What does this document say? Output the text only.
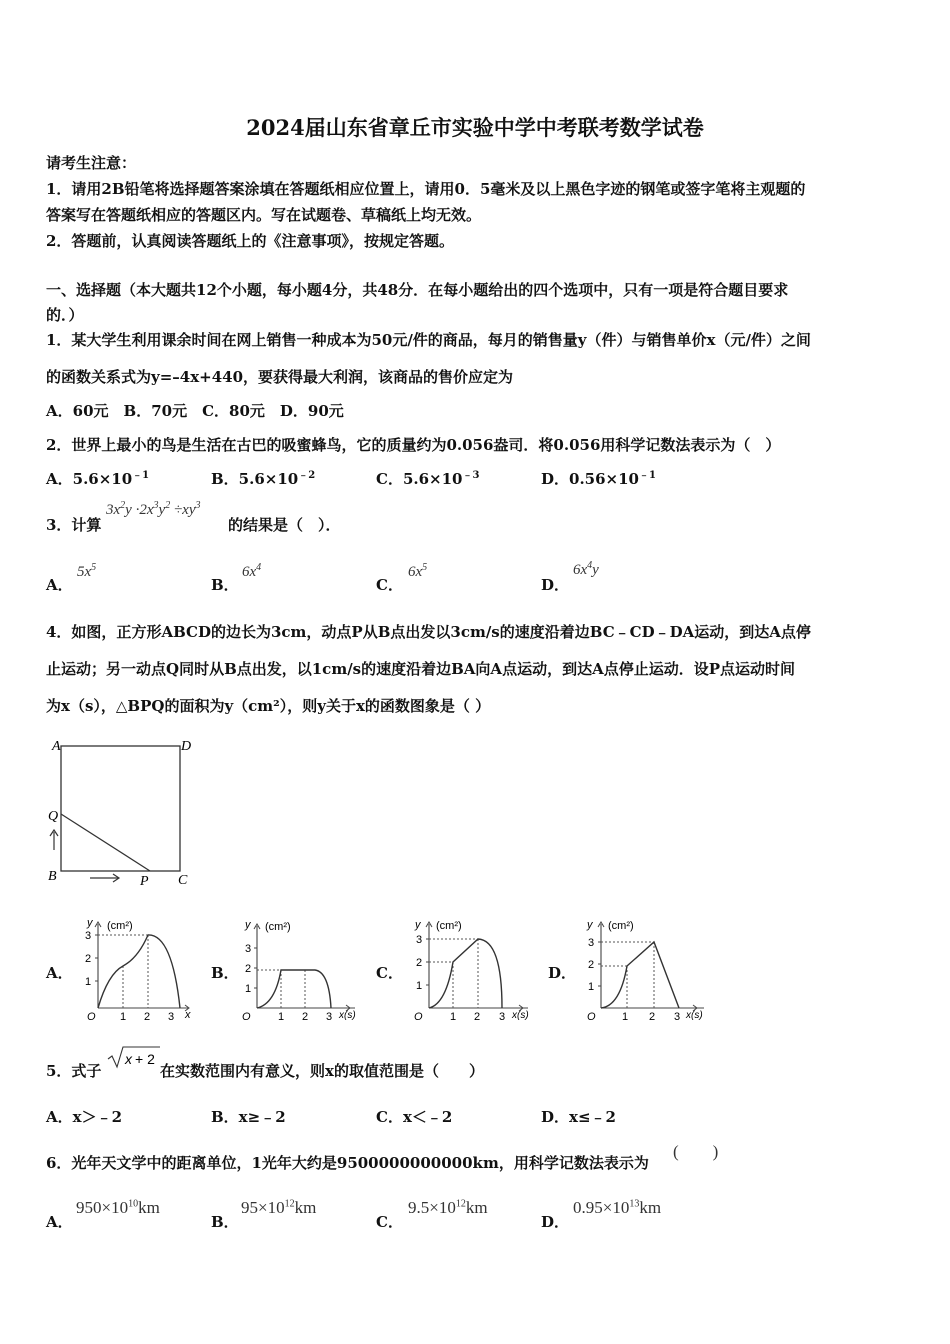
2024届山东省章丘市实验中学中考联考数学试卷
请考生注意：
1．请用2B铅笔将选择题答案涂填在答题纸相应位置上，请用0．5毫米及以上黑色字迹的钢笔或签字笔将主观题的
答案写在答题纸相应的答题区内。写在试题卷、草稿纸上均无效。
2．答题前，认真阅读答题纸上的《注意事项》，按规定答题。
一、选择题（本大题共12个小题，每小题4分，共48分．在每小题给出的四个选项中，只有一项是符合题目要求
的．）
1．某大学生利用课余时间在网上销售一种成本为50元/件的商品，每月的销售量y（件）与销售单价x（元/件）之间
的函数关系式为y=–4x+440，要获得最大利润，该商品的售价应定为
A．60元　B．70元　C．80元　D．90元
2．世界上最小的鸟是生活在古巴的吸蜜蜂鸟，它的质量约为0.056盎司．将0.056用科学记数法表示为（　）
A．$5.6\times 10^{﹣1}$	B．$5.6\times 10^{﹣2}$	C．$5.6\times 10^{﹣3}$	D．$0.56\times 10^{﹣1}$
3．计算
$3x^2y \cdot 2x^3y^2 \div xy^3$
的结果是（　）．
A．
$5x^5$
B．
$6x^4$
C．
$6x^5$
D．
$6x^4y$
4．如图，正方形ABCD的边长为3cm，动点P从B点出发以3cm/s的速度沿着边BC﹣CD﹣DA运动，到达A点停
止运动；另一动点Q同时从B点出发，以1cm/s的速度沿着边BA向A点运动，到达A点停止运动．设P点运动时间
为x（s），△BPQ的面积为y（cm²），则y关于x的函数图象是（ ）
A	D
B	C
P
Q
A．
y (cm²)
1
2
3
O 1 2 3 x
B．
y (cm²)
1
2
3
O 1 2 3 x(s)
C．
y (cm²)
1
2
3
O 1 2 3 x(s)
D．
y (cm²)
1
2
3
O 1 2 3 x(s)
5．式子
x + 2
在实数范围内有意义，则x的取值范围是（　　）
A．x＞﹣2	B．x≥﹣2	C．x＜﹣2	D．x≤﹣2
6．光年天文学中的距离单位，1光年大约是9500000000000km，用科学记数法表示为
(　　)
A．
$950\times 10^{10}km$
B．
$95\times 10^{12}km$
C．
$9.5\times 10^{12}km$
D．
$0.95\times 10^{13}km$
